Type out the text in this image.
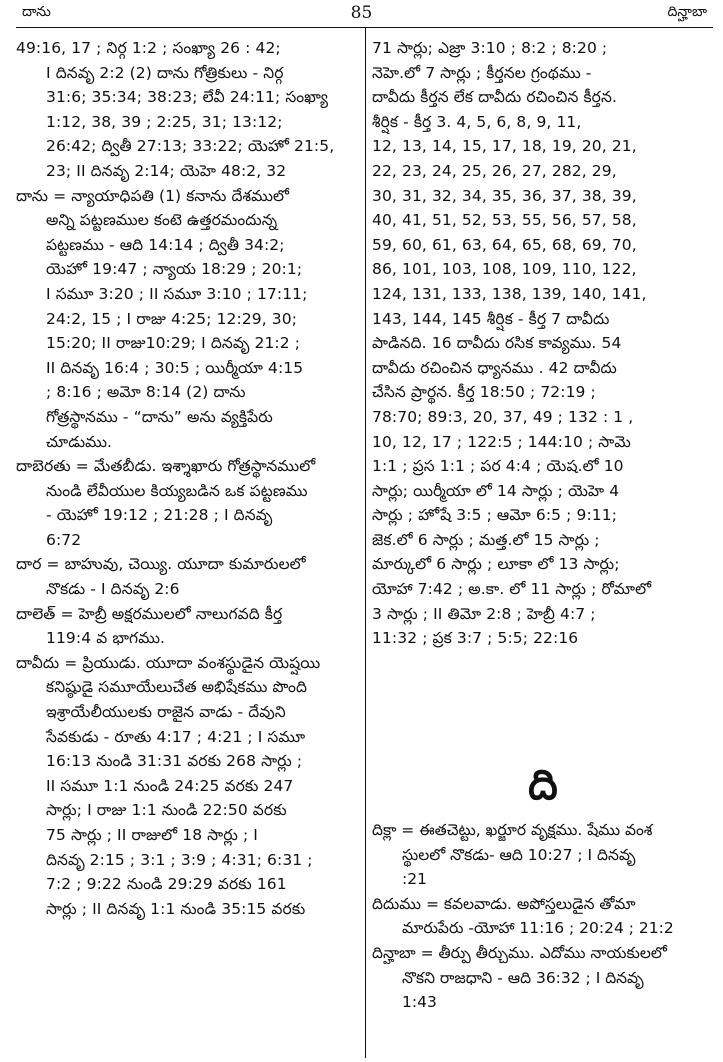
దాను	85	దిన్హాబా
49:16, 17 ; నిర్గ 1:2 ; సంఖ్యా 26 : 42;
I దినవృ 2:2 (2) దాను గోత్రికులు - నిర్గ
31:6; 35:34; 38:23; లేవీ 24:11; సంఖ్యా
1:12, 38, 39 ; 2:25, 31; 13:12;
26:42; ద్వితీ 27:13; 33:22; యెహో 21:5,
23; II దినవృ 2:14; యెహె 48:2, 32
దాను = న్యాయాధిపతి (1) కనాను దేశములో
అన్ని పట్టణముల కంటె ఉత్తరమందున్న
పట్టణము - ఆది 14:14 ; ద్వితీ 34:2;
యెహో 19:47 ; న్యాయ 18:29 ; 20:1;
I సమూ 3:20 ; II సమూ 3:10 ; 17:11;
24:2, 15 ; I రాజు 4:25; 12:29, 30;
15:20; II రాజు10:29; I దినవృ 21:2 ;
II దినవృ 16:4 ; 30:5 ; యిర్మీయా 4:15
; 8:16 ; అమో 8:14 (2) దాను
గోత్రస్థానము - “దాను” అను వ్యక్తిపేరు
చూడుము.
దాబెరతు = మేతబీడు. ఇశ్శాఖారు గోత్రస్థానములో
నుండి లేవీయుల కియ్యబడిన ఒక పట్టణము
- యెహో 19:12 ; 21:28 ; I దినవృ
6:72
దార = బాహువు, చెయ్యి. యూదా కుమారులలో
నొకడు - I దినవృ 2:6
దాలెత్ = హెబ్రీ అక్షరములలో నాలుగవది కీర్త
119:4 వ భాగము.
దావీదు = ప్రియుడు. యూదా వంశస్థుడైన యెష్షయి
కనిష్ఠుడై సమూయేలుచేత అభిషేకము పొంది
ఇశ్రాయేలీయులకు రాజైన వాడు - దేవుని
సేవకుడు - రూతు 4:17 ; 4:21 ; I సమూ
16:13 నుండి 31:31 వరకు 268 సార్లు ;
II సమూ 1:1 నుండి 24:25 వరకు 247
సార్లు; I రాజు 1:1 నుండి 22:50 వరకు
75 సార్లు ; II రాజులో 18 సార్లు ; I
దినవృ 2:15 ; 3:1 ; 3:9 ; 4:31; 6:31 ;
7:2 ; 9:22 నుండి 29:29 వరకు 161
సార్లు ; II దినవృ 1:1 నుండి 35:15 వరకు
71 సార్లు; ఎజ్రా 3:10 ; 8:2 ; 8:20 ;
నెహె.లో 7 సార్లు ; కీర్తనల గ్రంథము -
దావీదు కీర్తన లేక దావీదు రచించిన కీర్తన.
శీర్షిక - కీర్త 3. 4, 5, 6, 8, 9, 11,
12, 13, 14, 15, 17, 18, 19, 20, 21,
22, 23, 24, 25, 26, 27, 282, 29,
30, 31, 32, 34, 35, 36, 37, 38, 39,
40, 41, 51, 52, 53, 55, 56, 57, 58,
59, 60, 61, 63, 64, 65, 68, 69, 70,
86, 101, 103, 108, 109, 110, 122,
124, 131, 133, 138, 139, 140, 141,
143, 144, 145 శీర్షిక - కీర్త 7 దావీదు
పాడినది. 16 దావీదు రసిక కావ్యము. 54
దావీదు రచించిన ధ్యానము . 42 దావీదు
చేసిన ప్రార్థన. కీర్త 18:50 ; 72:19 ;
78:70; 89:3, 20, 37, 49 ; 132 : 1 ,
10, 12, 17 ; 122:5 ; 144:10 ; సామె
1:1 ; ప్రస 1:1 ; పర 4:4 ; యెష.లో 10
సార్లు; యిర్మీయా లో 14 సార్లు ; యెహె 4
సార్లు ; హోషే 3:5 ; ఆమో 6:5 ; 9:11;
జెక.లో 6 సార్లు ; మత్త.లో 15 సార్లు ;
మార్కులో 6 సార్లు ; లూకా లో 13 సార్లు;
యోహా 7:42 ; అ.కా. లో 11 సార్లు ; రోమాలో
3 సార్లు ; II తిమో 2:8 ; హెబ్రీ 4:7 ;
11:32 ; ప్రక 3:7 ; 5:5; 22:16
ది
దిక్లా = ఈతచెట్టు, ఖర్జూర వృక్షము. షేము వంశ
స్థులలో నొకడు- ఆది 10:27 ; I దినవృ
:21
దిదుము = కవలవాడు. అపోస్తలుడైన తోమా
మారుపేరు -యోహా 11:16 ; 20:24 ; 21:2
దిన్హాబా = తీర్పు తీర్చుము. ఎదోము నాయకులలో
నొకని రాజధాని - ఆది 36:32 ; I దినవృ
1:43
